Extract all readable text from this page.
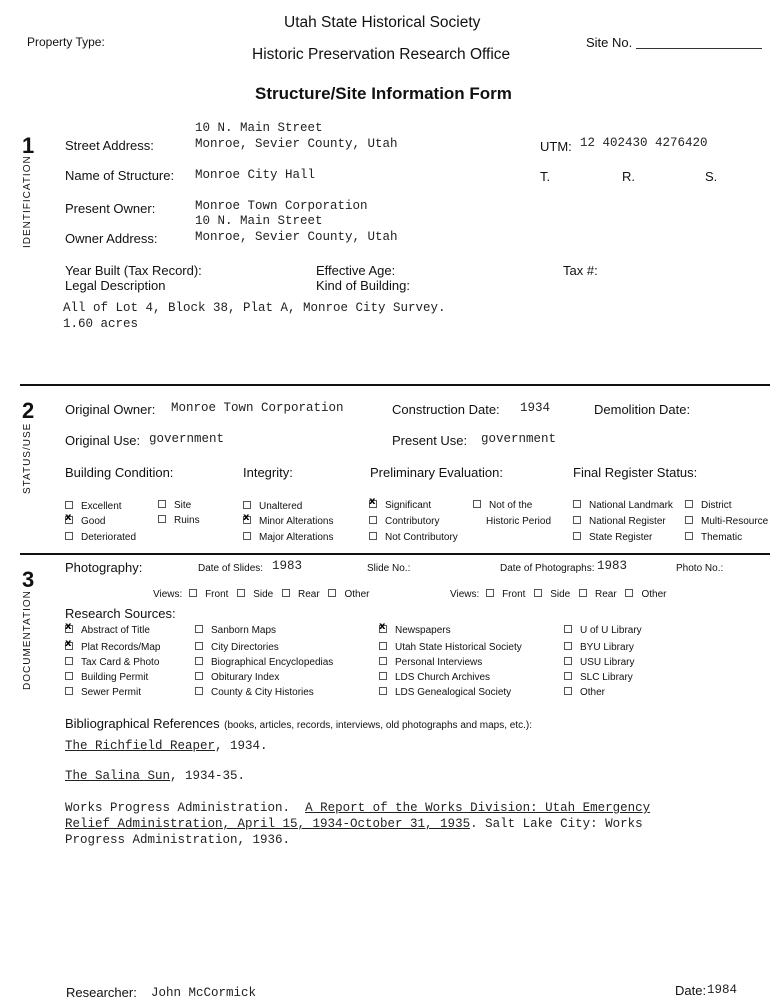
Utah State Historical Society
Property Type:
Historic Preservation Research Office
Site No.
Structure/Site Information Form
1
IDENTIFICATION
10 N. Main Street
Street Address:	Monroe, Sevier County, Utah	UTM: 12 402430 4276420
Name of Structure: Monroe City Hall	T.	R.	S.
Present Owner:	Monroe Town Corporation
10 N. Main Street
Owner Address:	Monroe, Sevier County, Utah
Year Built (Tax Record):	Effective Age:	Tax #:
Legal Description	Kind of Building:
All of Lot 4, Block 38, Plat A, Monroe City Survey.
1.60 acres
2
STATUS/USE
Original Owner: Monroe Town Corporation	Construction Date: 1934	Demolition Date:
Original Use: government	Present Use: government
Building Condition:	Integrity:	Preliminary Evaluation:	Final Register Status:
Excellent	Site
xGood	Ruins
Deteriorated
Unaltered
xMinor Alterations
Major Alterations
xSignificant
Contributory
Not Contributory
Not of the
Historic Period
National Landmark	District
National Register	Multi-Resource
State Register	Thematic
3
DOCUMENTATION
Photography:	Date of Slides: 1983	Slide No.:	Date of Photographs: 1983	Photo No.:
Views: Front Side Rear Other	Views: Front Side Rear Other
Research Sources:
xAbstract of Title
xPlat Records/Map
Tax Card & Photo
Building Permit
Sewer Permit
Sanborn Maps
City Directories
Biographical Encyclopedias
Obiturary Index
County & City Histories
xNewspapers
Utah State Historical Society
Personal Interviews
LDS Church Archives
LDS Genealogical Society
U of U Library
BYU Library
USU Library
SLC Library
Other
Bibliographical References (books, articles, records, interviews, old photographs and maps, etc.):
The Richfield Reaper, 1934.
The Salina Sun, 1934-35.
Works Progress Administration. A Report of the Works Division: Utah Emergency
Relief Administration, April 15, 1934-October 31, 1935. Salt Lake City: Works
Progress Administration, 1936.
Researcher: John McCormick	Date: 1984
